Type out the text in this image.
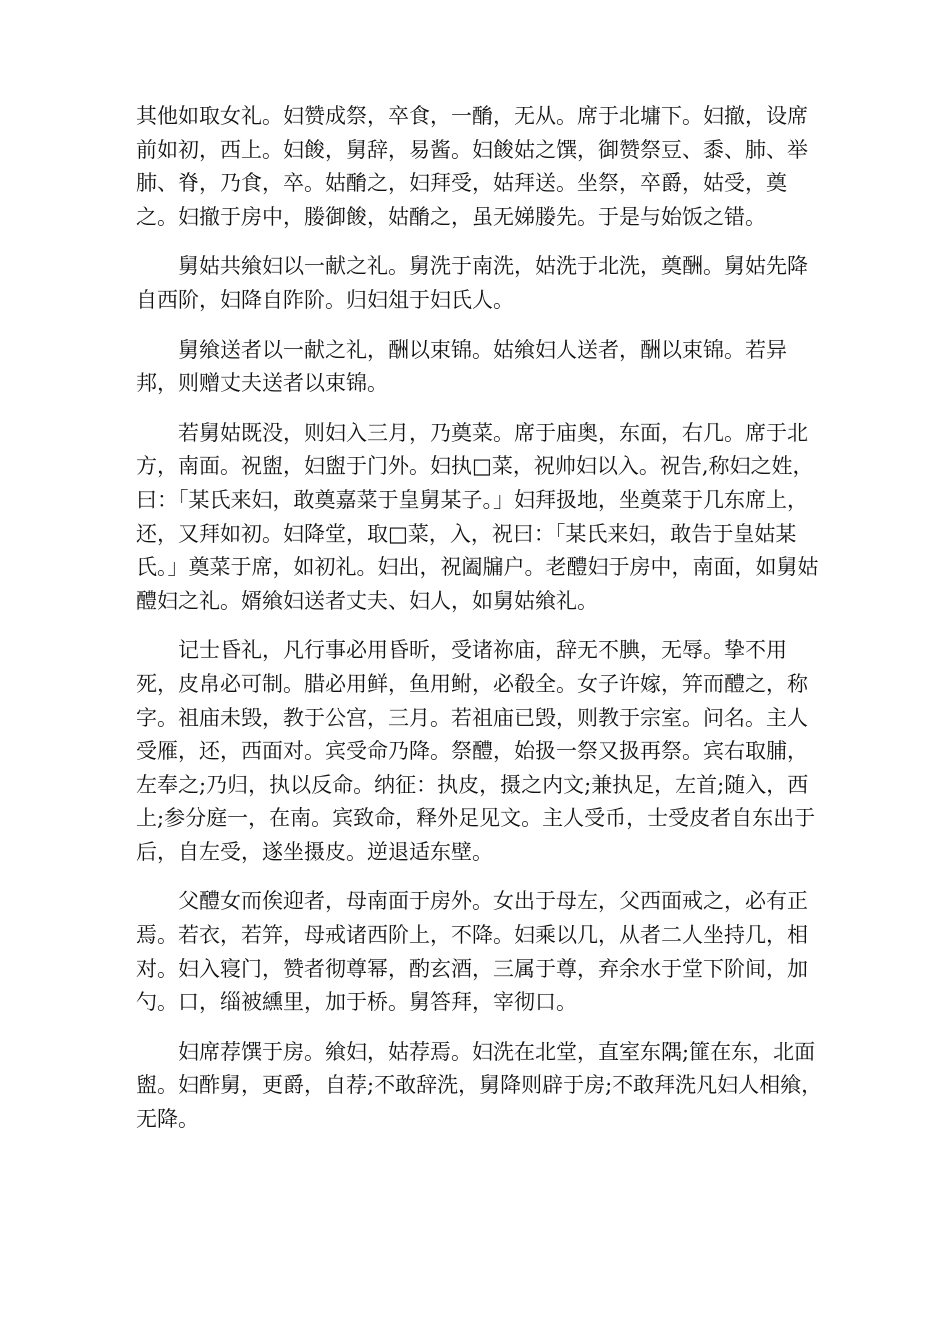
其他如取女礼。妇赞成祭，卒食，一酳，无从。席于北墉下。妇撤，设席前如初，西上。妇餕，舅辞，易酱。妇餕姑之馔，御赞祭豆、黍、肺、举肺、脊，乃食，卒。姑酳之，妇拜受，姑拜送。坐祭，卒爵，姑受，奠之。妇撤于房中，媵御餕，姑酳之，虽无娣媵先。于是与始饭之错。

舅姑共飨妇以一献之礼。舅洗于南洗，姑洗于北洗，奠酬。舅姑先降自西阶，妇降自阼阶。归妇俎于妇氏人。

舅飨送者以一献之礼，酬以束锦。姑飨妇人送者，酬以束锦。若异邦，则赠丈夫送者以束锦。

若舅姑既没，则妇入三月，乃奠菜。席于庙奥，东面，右几。席于北方，南面。祝盥，妇盥于门外。妇执□菜，祝帅妇以入。祝告,称妇之姓，曰：「某氏来妇，敢奠嘉菜于皇舅某子。」妇拜扱地，坐奠菜于几东席上，还，又拜如初。妇降堂，取□菜，入，祝曰：「某氏来妇，敢告于皇姑某氏。」奠菜于席，如初礼。妇出，祝阖牖户。老醴妇于房中，南面，如舅姑醴妇之礼。婿飨妇送者丈夫、妇人，如舅姑飨礼。

记士昏礼，凡行事必用昏昕，受诸祢庙，辞无不腆，无辱。挚不用死，皮帛必可制。腊必用鲜，鱼用鲋，必殽全。女子许嫁，笄而醴之，称字。祖庙未毁，教于公宫，三月。若祖庙已毁，则教于宗室。问名。主人受雁，还，西面对。宾受命乃降。祭醴，始扱一祭又扱再祭。宾右取脯，左奉之;乃归，执以反命。纳征：执皮，摄之内文;兼执足，左首;随入，西上;参分庭一，在南。宾致命，释外足见文。主人受币，士受皮者自东出于后，自左受，遂坐摄皮。逆退适东壁。

父醴女而俟迎者，母南面于房外。女出于母左，父西面戒之，必有正焉。若衣，若笄，母戒诸西阶上，不降。妇乘以几，从者二人坐持几，相对。妇入寝门，赞者彻尊幂，酌玄酒，三属于尊，弃余水于堂下阶间，加勺。口，缁被纁里，加于桥。舅答拜，宰彻口。

妇席荐馔于房。飨妇，姑荐焉。妇洗在北堂，直室东隅;篚在东，北面盥。妇酢舅，更爵，自荐;不敢辞洗，舅降则辟于房;不敢拜洗凡妇人相飨，无降。
